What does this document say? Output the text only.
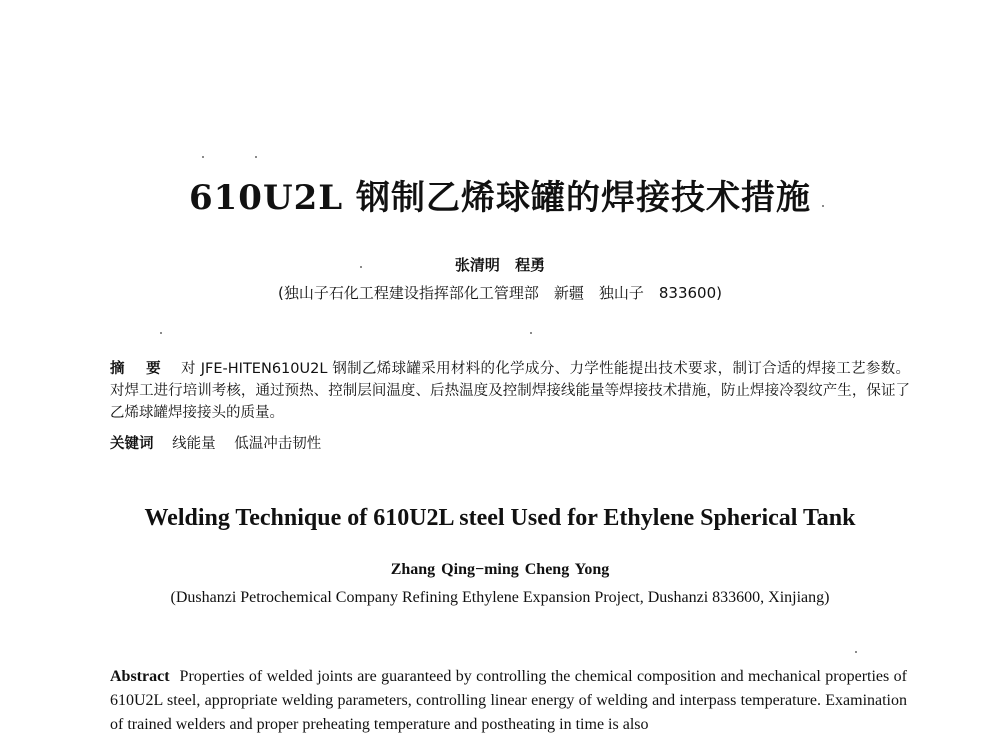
610U2L 钢制乙烯球罐的焊接技术措施
张清明 程勇
(独山子石化工程建设指挥部化工管理部　新疆　独山子　833600)
摘 要 对 JFE-HITEN610U2L 钢制乙烯球罐采用材料的化学成分、力学性能提出技术要求，制订合适的焊接工艺参数。对焊工进行培训考核，通过预热、控制层间温度、后热温度及控制焊接线能量等焊接技术措施，防止焊接冷裂纹产生，保证了乙烯球罐焊接接头的质量。
关键词 线能量 低温冲击韧性
Welding Technique of 610U2L steel Used for Ethylene Spherical Tank
Zhang Qing−ming Cheng Yong
(Dushanzi Petrochemical Company Refining Ethylene Expansion Project, Dushanzi 833600, Xinjiang)
Abstract Properties of welded joints are guaranteed by controlling the chemical composition and mechanical properties of 610U2L steel, appropriate welding parameters, controlling linear energy of welding and interpass temperature. Examination of trained welders and proper preheating temperature and postheating in time is also
